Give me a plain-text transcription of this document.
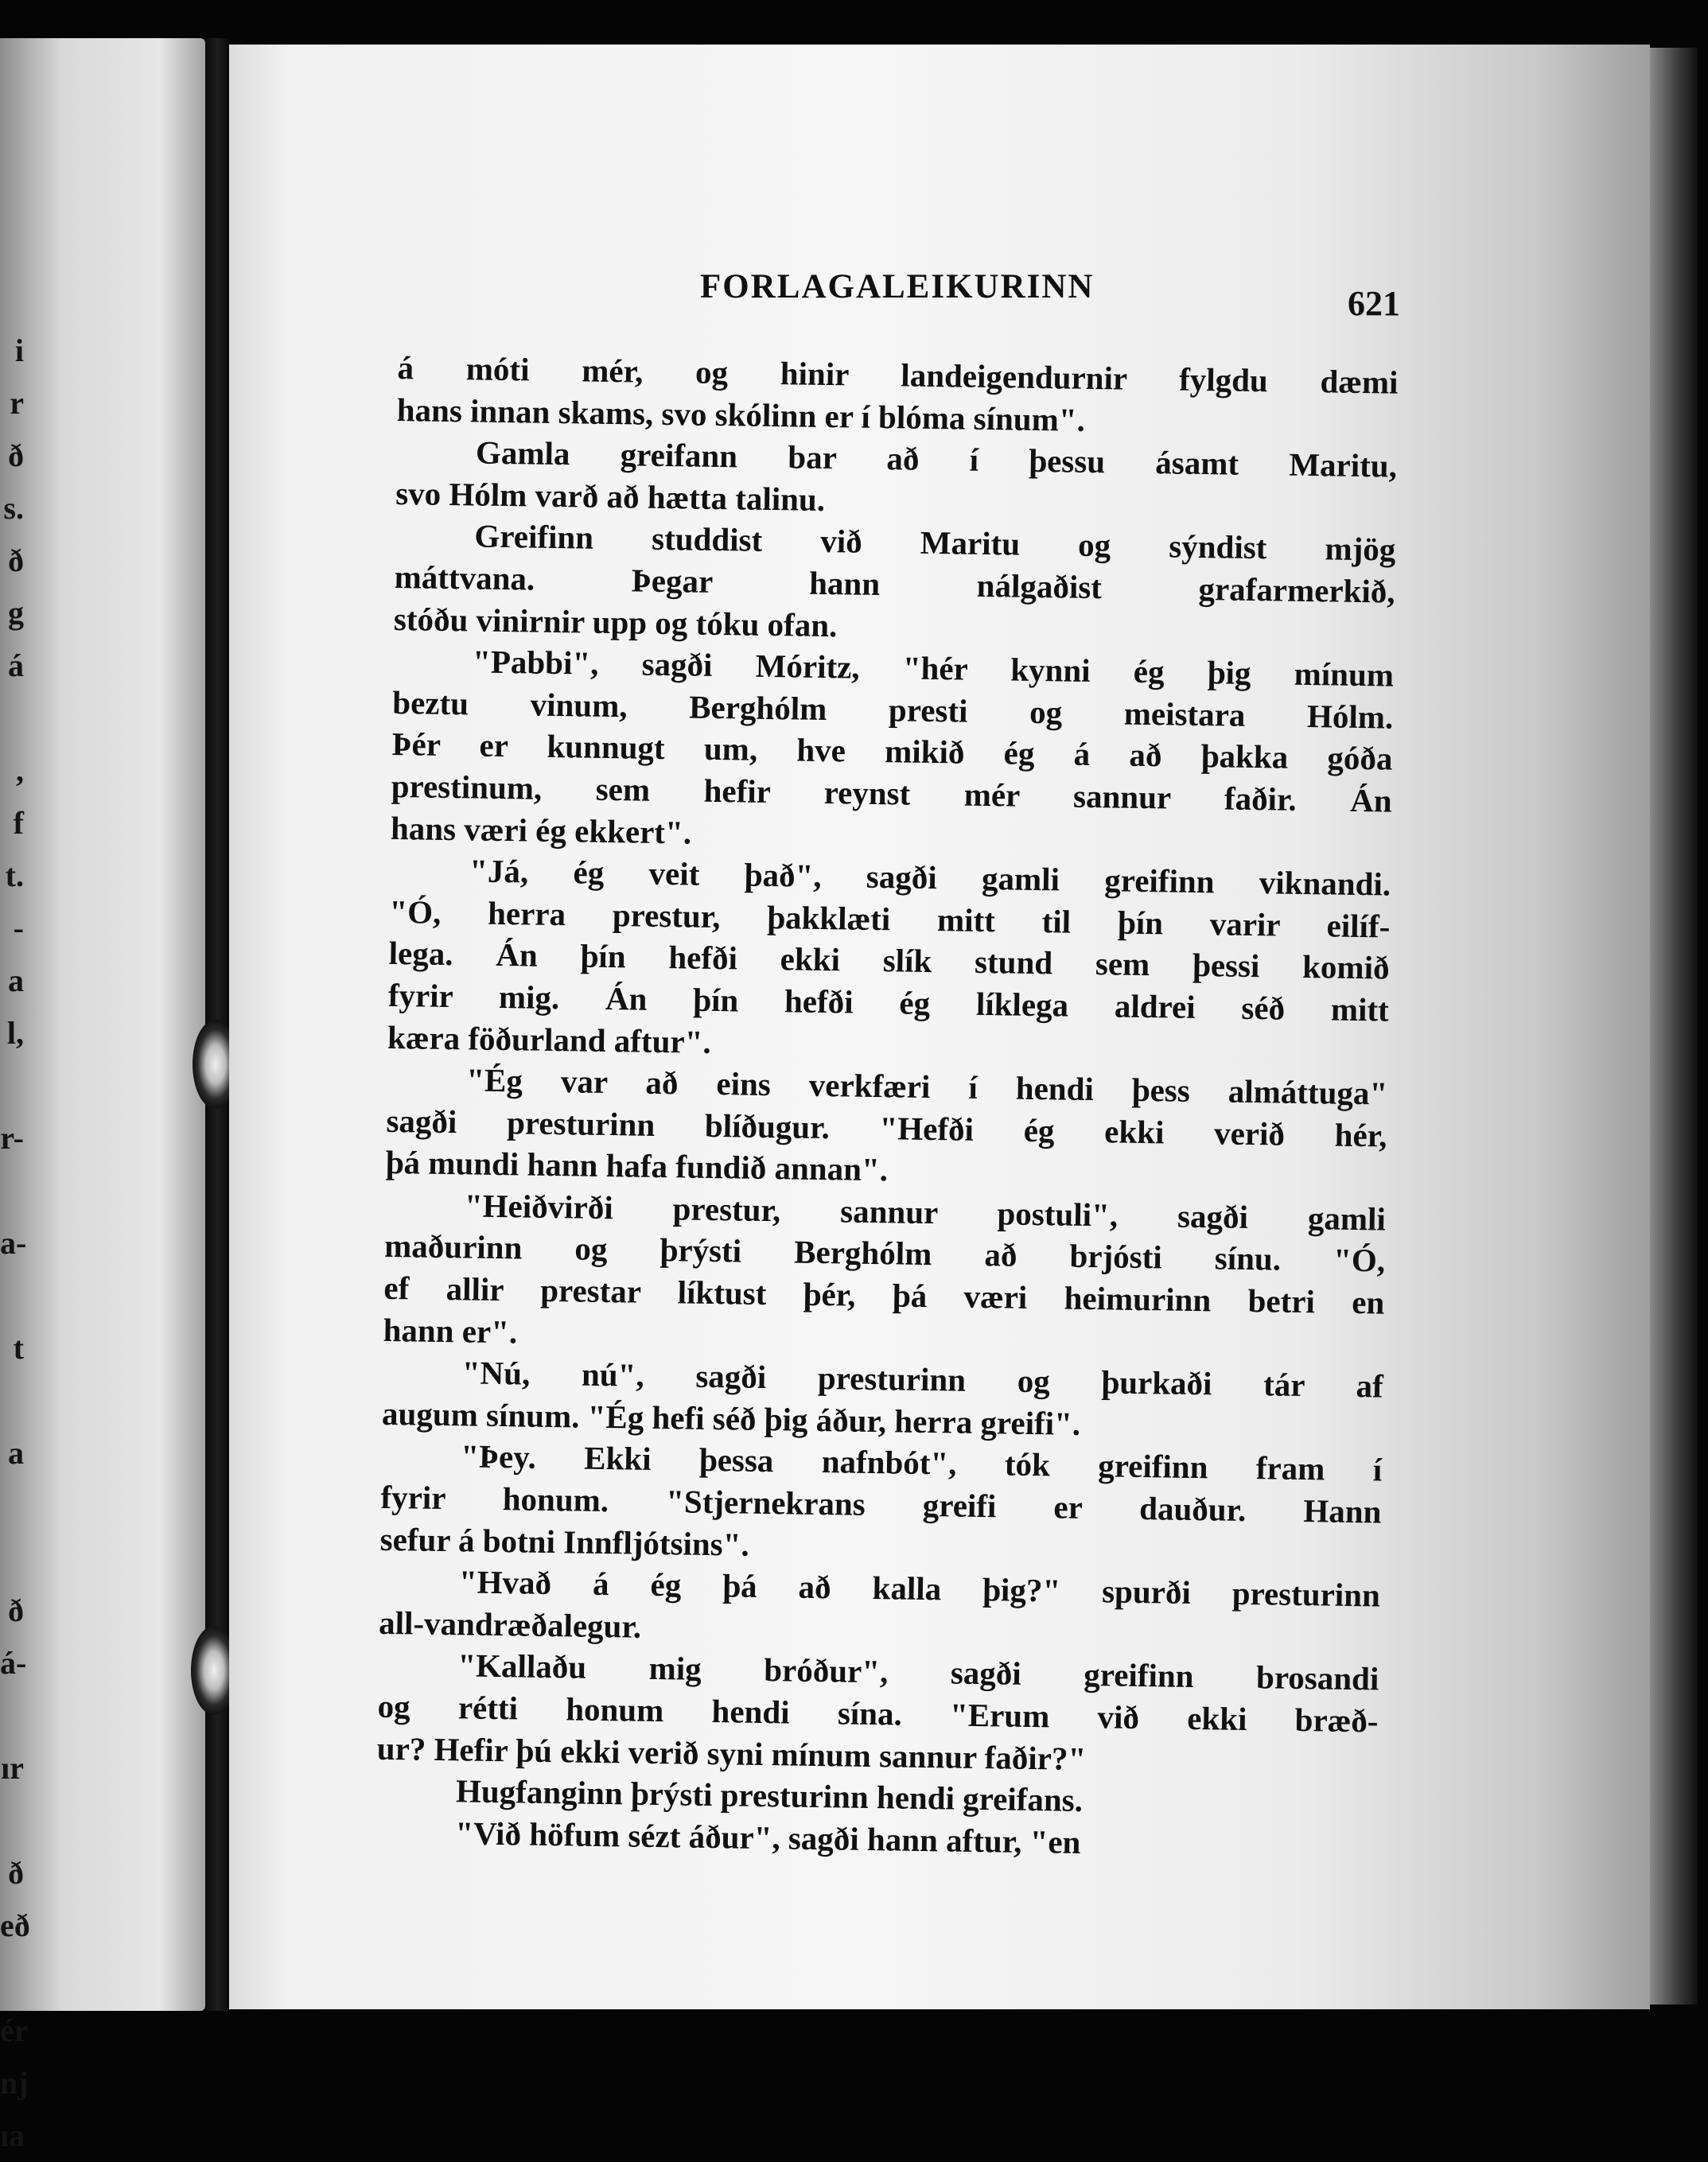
i
r
ð
s.
ð
g
á
,
f
t.
-
a
l,
r-
a-
t
a
ð
á-
ır
ð
eð
ér
nj
ıa
FORLAGALEIKURINN	621
á móti mér, og hinir landeigendurnir fylgdu dæmi
hans innan skams, svo skólinn er í blóma sínum".
Gamla greifann bar að í þessu ásamt Maritu,
svo Hólm varð að hætta talinu.
Greifinn studdist við Maritu og sýndist mjög
máttvana. Þegar hann nálgaðist grafarmerkið,
stóðu vinirnir upp og tóku ofan.
"Pabbi", sagði Móritz, "hér kynni ég þig mínum
beztu vinum, Berghólm presti og meistara Hólm.
Þér er kunnugt um, hve mikið ég á að þakka góða
prestinum, sem hefir reynst mér sannur faðir. Án
hans væri ég ekkert".
"Já, ég veit það", sagði gamli greifinn viknandi.
"Ó, herra prestur, þakklæti mitt til þín varir eilíf-
lega. Án þín hefði ekki slík stund sem þessi komið
fyrir mig. Án þín hefði ég líklega aldrei séð mitt
kæra föðurland aftur".
"Ég var að eins verkfæri í hendi þess almáttuga"
sagði presturinn blíðugur. "Hefði ég ekki verið hér,
þá mundi hann hafa fundið annan".
"Heiðvirði prestur, sannur postuli", sagði gamli
maðurinn og þrýsti Berghólm að brjósti sínu. "Ó,
ef allir prestar líktust þér, þá væri heimurinn betri en
hann er".
"Nú, nú", sagði presturinn og þurkaði tár af
augum sínum. "Ég hefi séð þig áður, herra greifi".
"Þey. Ekki þessa nafnbót", tók greifinn fram í
fyrir honum. "Stjernekrans greifi er dauður. Hann
sefur á botni Innfljótsins".
"Hvað á ég þá að kalla þig?" spurði presturinn
all-vandræðalegur.
"Kallaðu mig bróður", sagði greifinn brosandi
og rétti honum hendi sína. "Erum við ekki bræð-
ur? Hefir þú ekki verið syni mínum sannur faðir?"
Hugfanginn þrýsti presturinn hendi greifans.
"Við höfum sézt áður", sagði hann aftur, "en
